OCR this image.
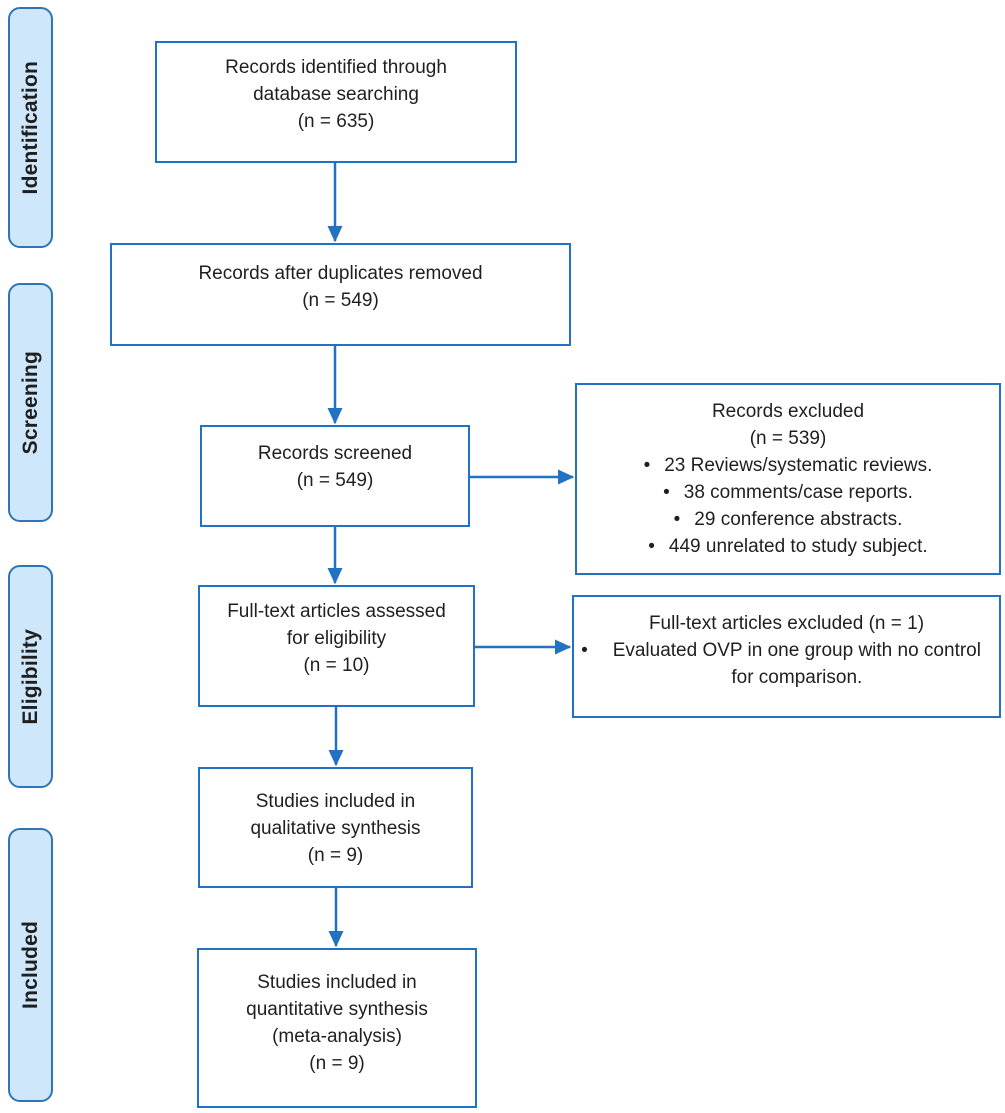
Identification
Screening
Eligibility
Included
Records identified through
database searching
(n = 635)
Records after duplicates removed
(n = 549)
Records screened
(n = 549)
Full-text articles assessed
for eligibility
(n = 10)
Studies included in
qualitative synthesis
(n = 9)
Studies included in
quantitative synthesis
(meta-analysis)
(n = 9)
Records excluded
(n = 539)
• 23 Reviews/systematic reviews.
• 38 comments/case reports.
• 29 conference abstracts.
• 449 unrelated to study subject.
Full-text articles excluded (n = 1)
•	Evaluated OVP in one group with no control for comparison.
